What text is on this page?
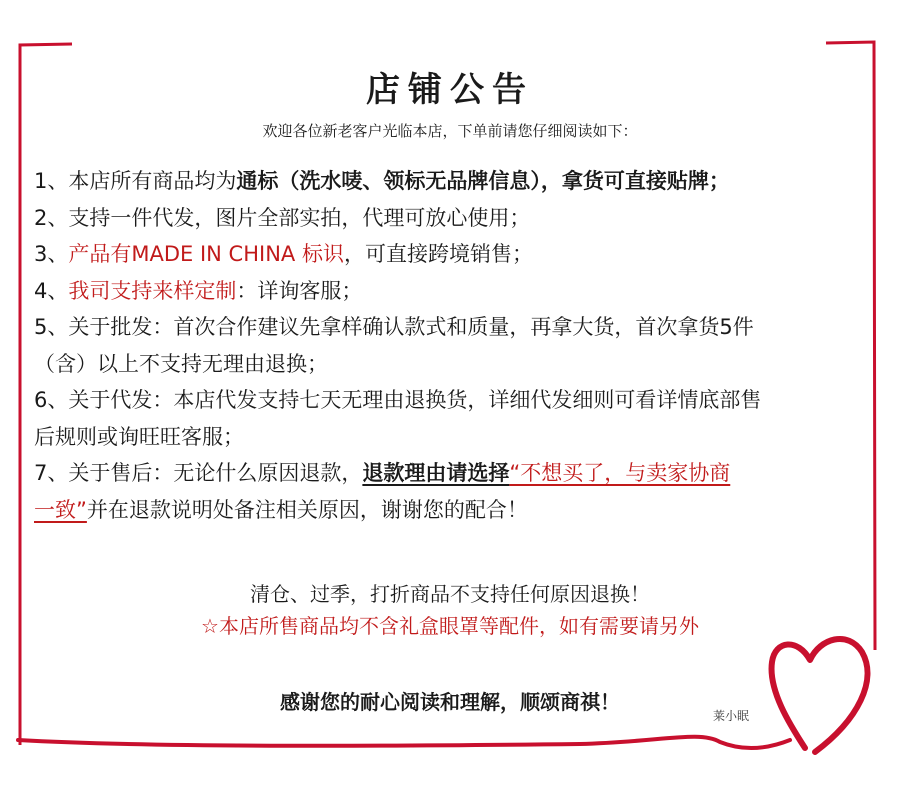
店铺公告
欢迎各位新老客户光临本店，下单前请您仔细阅读如下：
1、本店所有商品均为通标（洗水唛、领标无品牌信息），拿货可直接贴牌；
2、支持一件代发，图片全部实拍，代理可放心使用；
3、产品有MADE IN CHINA 标识，可直接跨境销售；
4、我司支持来样定制：详询客服；
5、关于批发：首次合作建议先拿样确认款式和质量，再拿大货，首次拿货5件
（含）以上不支持无理由退换；
6、关于代发：本店代发支持七天无理由退换货，详细代发细则可看详情底部售
后规则或询旺旺客服；
7、关于售后：无论什么原因退款，退款理由请选择“不想买了，与卖家协商
一致”并在退款说明处备注相关原因，谢谢您的配合！
清仓、过季，打折商品不支持任何原因退换！
☆本店所售商品均不含礼盒眼罩等配件，如有需要请另外
感谢您的耐心阅读和理解，顺颂商祺！
莱小眠
